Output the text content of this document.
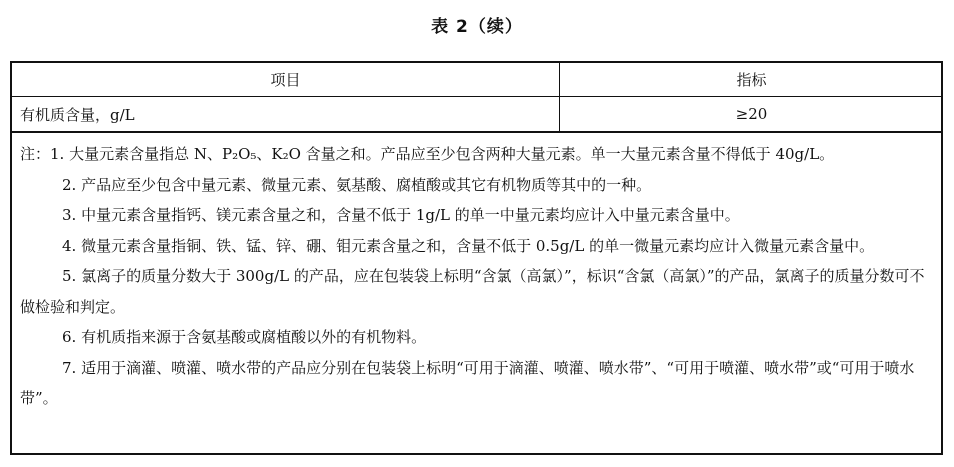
表 2（续）
项目	指标
有机质含量，g/L	≥20

注：1. 大量元素含量指总 N、P₂O₅、K₂O 含量之和。产品应至少包含两种大量元素。单一大量元素含量不得低于 40g/L。

2. 产品应至少包含中量元素、微量元素、氨基酸、腐植酸或其它有机物质等其中的一种。

3. 中量元素含量指钙、镁元素含量之和，含量不低于 1g/L 的单一中量元素均应计入中量元素含量中。

4. 微量元素含量指铜、铁、锰、锌、硼、钼元素含量之和，含量不低于 0.5g/L 的单一微量元素均应计入微量元素含量中。

5. 氯离子的质量分数大于 300g/L 的产品，应在包装袋上标明“含氯（高氯）”，标识“含氯（高氯）”的产品，氯离子的质量分数可不做检验和判定。

6. 有机质指来源于含氨基酸或腐植酸以外的有机物料。

7. 适用于滴灌、喷灌、喷水带的产品应分别在包装袋上标明“可用于滴灌、喷灌、喷水带”、“可用于喷灌、喷水带”或“可用于喷水带”。
